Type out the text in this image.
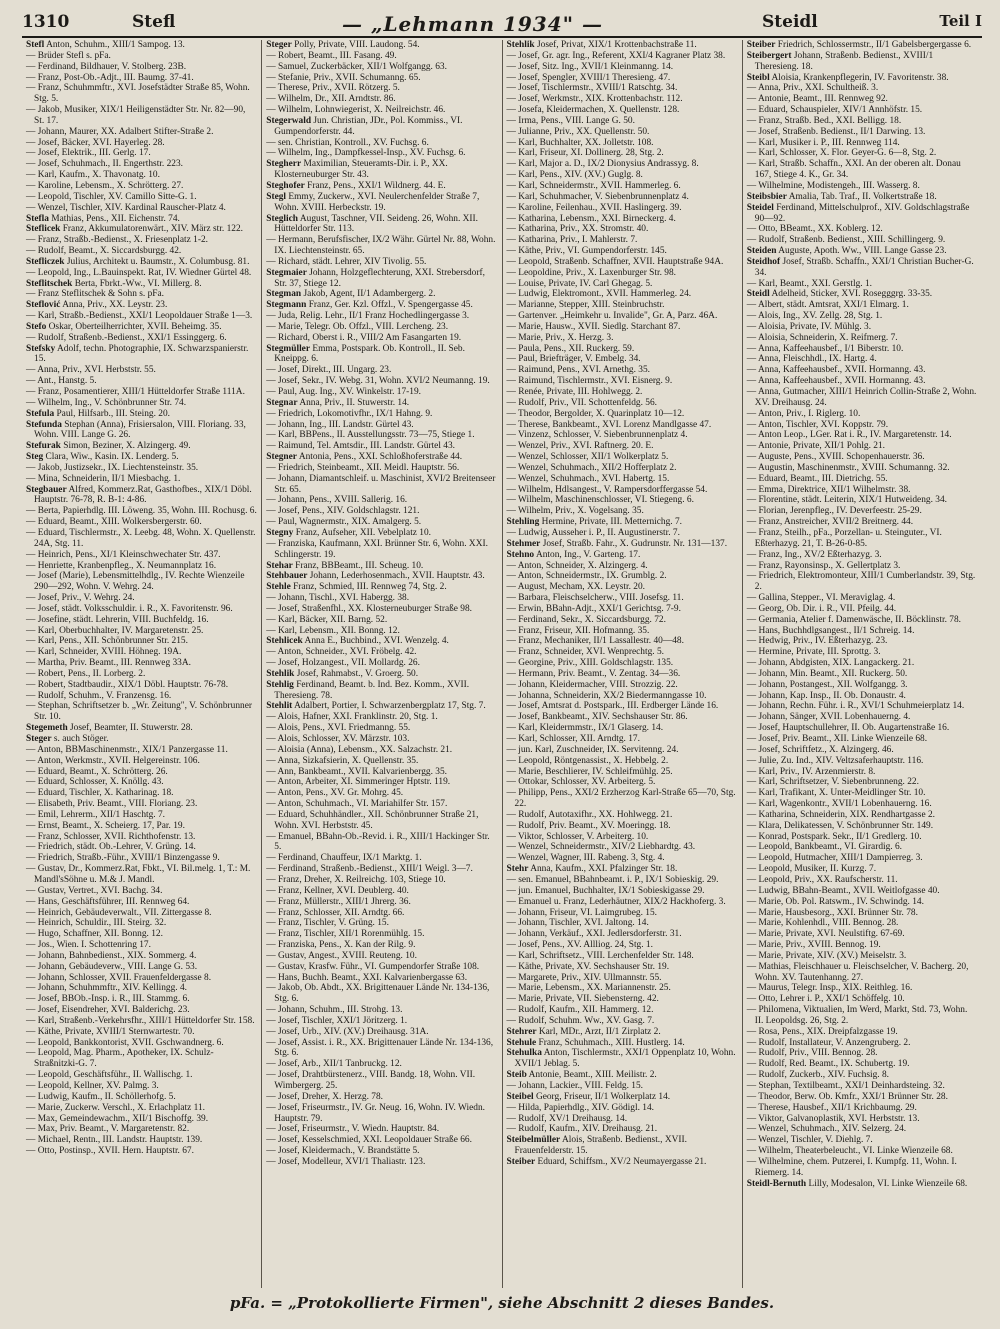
1310	Stefl	— „Lehmann 1934" —	Steidl	Teil I

Stefl Anton, Schuhm., XIII/1 Sampog. 13.

— Brüder Stefl s. pFa.

— Ferdinand, Bildhauer, V. Stolberg. 23B.

— Franz, Post-Ob.-Adjt., III. Baumg. 37-41.

— Franz, Schuhmmftr., XVI. Josefstädter Straße 85, Wohn. Stg. 5.

— Jakob, Musiker, XIX/1 Heiligenstädter Str. Nr. 82—90, St. 17.

— Johann, Maurer, XX. Adalbert Stifter-Straße 2.

— Josef, Bäcker, XVI. Hayerleg. 28.

— Josef, Elektrik., III. Gerlg. 17.

— Josef, Schuhmach., II. Engerthstr. 223.

— Karl, Kaufm., X. Thavonatg. 10.

— Karoline, Lebensm., X. Schrötterg. 27.

— Leopold, Tischler, XV. Camillo Sitte-G. 1.

— Wenzel, Tischler, XIV. Kardinal Rauscher-Platz 4.

Stefla Mathias, Pens., XII. Eichenstr. 74.

Steflicek Franz, Akkumulatorenwärt., XIV. März str. 122.

— Franz, Straßb.-Bedienst., X. Friesenplatz 1-2.

— Rudolf, Beamt., X. Siccardsburgg. 42.

Stefliczek Julius, Architekt u. Baumstr., X. Columbusg. 81.

— Leopold, Ing., L.Bauinspekt. Rat, IV. Wiedner Gürtel 48.

Steflitschek Berta, Fbrkt.-Ww., VI. Millerg. 8.

— Franz Steflitschek & Sohn s. pFa.

Steflović Anna, Priv., XX. Leystr. 23.

— Karl, Straßb.-Bedienst., XXI/1 Leopoldauer Straße 1—3.

Stefo Oskar, Oberteilherrichter, XVII. Beheimg. 35.

— Rudolf, Straßenb.-Bedienst., XXI/1 Essinggerg. 6.

Stefsky Adolf, techn. Photographie, IX. Schwarzspanierstr. 15.

— Anna, Priv., XVI. Herbststr. 55.

— Ant., Hanstg. 5.

— Franz, Posamentierer, XIII/1 Hütteldorfer Straße 111A.

— Wilhelm, Ing., V. Schönbrunner Str. 74.

Stefula Paul, Hilfsarb., III. Steing. 20.

Stefunda Stephan (Anna), Frisiersalon, VIII. Floriang. 33, Wohn. VIII. Lange G. 26.

Stefurak Simon, Beziner, X. Alzingerg. 49.

Steg Clara, Wiw., Kasin. IX. Lenderg. 5.

— Jakob, Justizsekr., IX. Liechtensteinstr. 35.

— Mina, Schneiderin, II/1 Miesbachg. 1.

Stegbauer Alfred, Kommerz.Rat, Gasthofbes., XIX/1 Döbl. Hauptstr. 76-78, R. B-1: 4-86.

— Berta, Papierhdlg. III. Löweng. 35, Wohn. III. Rochusg. 6.

— Eduard, Beamt., XIII. Wolkersbergerstr. 60.

— Eduard, Tischlermstr., X. Leebg. 48, Wohn. X. Quellenstr. 24A, Stg. 11.

— Heinrich, Pens., XI/1 Kleinschwechater Str. 437.

— Henriette, Kranbenpfleg., X. Neumannplatz 16.

— Josef (Marie), Lebensmittelhdlg., IV. Rechte Wienzeile 290—292, Wohn. V. Wehrg. 24.

— Josef, Priv., V. Wehrg. 24.

— Josef, städt. Volksschuldir. i. R., X. Favoritenstr. 96.

— Josefine, städt. Lehrerin, VIII. Buchfeldg. 16.

— Karl, Oberbuchhalter, IV. Margaretenstr. 25.

— Karl, Pens., XII. Schönbrunner Str. 215.

— Karl, Schneider, XVIII. Höhneg. 19A.

— Martha, Priv. Beamt., III. Rennweg 33A.

— Robert, Pens., II. Lorberg. 2.

— Robert, Stadtbaudir., XIX/1 Döbl. Hauptstr. 76-78.

— Rudolf, Schuhm., V. Franzensg. 16.

— Stephan, Schriftsetzer b. „Wr. Zeitung", V. Schönbrunner Str. 10.

Stegemeth Josef, Beamter, II. Stuwerstr. 28.

Steger s. auch Stöger.

— Anton, BBMaschinenmstr., XIX/1 Panzergasse 11.

— Anton, Werkmstr., XVII. Helgereinstr. 106.

— Eduard, Beamt., X. Schrötterg. 26.

— Eduard, Schlosser, X. Knöllg. 43.

— Eduard, Tischler, X. Katharinag. 18.

— Elisabeth, Priv. Beamt., VIII. Floriang. 23.

— Emil, Lehrerm., XII/1 Haschtg. 7.

— Ernst, Beamt., X. Scheierg. 17, Par. 19.

— Franz, Schlosser, XVII. Richthofenstr. 13.

— Friedrich, städt. Ob.-Lehrer, V. Grüng. 14.

— Friedrich, Straßb.-Führ., XVIII/1 Binzengasse 9.

— Gustav, Dr., Kommerz.Rat, Fbkt., VI. Bil.melg. 1, T.: M. Mandl'sSöhne u. M.& J. Mandl.

— Gustav, Vertret., XVI. Bachg. 34.

— Hans, Geschäftsführer, III. Rennweg 64.

— Heinrich, Gebäudeverwalt., VII. Zittergasse 8.

— Heinrich, Schuldir., III. Steirg. 32.

— Hugo, Schaffner, XII. Bonng. 12.

— Jos., Wien. I. Schottenring 17.

— Johann, Bahnbedienst., XIX. Sommerg. 4.

— Johann, Gebäudeverw., VIII. Lange G. 53.

— Johann, Schlosser, XVII. Frauenfeldergasse 8.

— Johann, Schuhmmftr., XIV. Kellingg. 4.

— Josef, BBOb.-Insp. i. R., III. Stammg. 6.

— Josef, Eisendreher, XVI. Balderichg. 23.

— Karl, Straßenb.-Verkehrsfhr., XIII/1 Hütteldorfer Str. 158.

— Käthe, Private, XVIII/1 Sternwartestr. 70.

— Leopold, Bankkontorist, XVII. Gschwandnerg. 6.

— Leopold, Mag. Pharm., Apotheker, IX. Schulz-Straßnitzki-G. 7.

— Leopold, Geschäftsführ., II. Wallischg. 1.

— Leopold, Kellner, XV. Palmg. 3.

— Ludwig, Kaufm., II. Schöllerhofg. 5.

— Marie, Zuckerw. Verschl., X. Erlachplatz 11.

— Max, Gemeindewachm., XII/1 Bischoffg. 39.

— Max, Priv. Beamt., V. Margaretenstr. 82.

— Michael, Rentn., III. Landstr. Hauptstr. 139.

— Otto, Postinsp., XVII. Hern. Hauptstr. 67.

Steger Polly, Private, VIII. Laudong. 54.

— Robert, Beamt., III. Fasang. 49.

— Samuel, Zuckerbäcker, XII/1 Wolfgangg. 63.

— Stefanie, Priv., XVII. Schumanng. 65.

— Therese, Priv., XVII. Rötzerg. 5.

— Wilhelm, Dr., XII. Arndtstr. 86.

— Wilhelm, Lohnwiegerist, X. Neilreichstr. 46.

Stegerwald Jun. Christian, JDr., Pol. Kommiss., VI. Gumpendorferstr. 44.

— sen. Christian, Kontroll., XV. Fuchsg. 6.

— Wilhelm, Ing., Dampfkessel-Insp., XV. Fuchsg. 6.

Stegherr Maximilian, Steueramts-Dir. i. P., XX. Klosterneuburger Str. 43.

Steghofer Franz, Pens., XXI/1 Wildnerg. 44. E.

Stegl Emmy, Zuckerw., XVI. Neulerchenfelder Straße 7, Wohn. XVIII. Herbeckstr. 19.

Steglich August, Taschner, VII. Seideng. 26, Wohn. XII. Hütteldorfer Str. 113.

— Hermann, Berufsfischer, IX/2 Währ. Gürtel Nr. 88, Wohn. IX. Liechtensteinstr. 65.

— Richard, städt. Lehrer, XIV Tivolig. 55.

Stegmaier Johann, Holzgeflechterung, XXI. Strebersdorf, Str. 37, Stiege 12.

Stegman Jakob, Agent, II/1 Adambergerg. 2.

Stegmann Franz, Ger. Kzl. Offzl., V. Spengergasse 45.

— Juda, Relig. Lehr., II/1 Franz Hochedlingergasse 3.

— Marie, Telegr. Ob. Offzl., VIII. Lercheng. 23.

— Richard, Oberst i. R., VIII/2 Am Fasangarten 19.

Stegmüller Emma, Postspark. Ob. Kontroll., II. Seb. Kneippg. 6.

— Josef, Direkt., III. Ungarg. 23.

— Josef, Sekr., IV. Webg. 31, Wohn. XVI/2 Neumanng. 19.

— Paul, Aug. Ing., XV. Winkelstr. 17-19.

Stegnar Anna, Priv., II. Stuwerstr. 14.

— Friedrich, Lokomotivfhr., IX/1 Hahng. 9.

— Johann, Ing., III. Landstr. Gürtel 43.

— Karl, BBPens., II. Ausstellungsstr. 73—75, Stiege 1.

— Raimund, Tel. Amtsdir., III. Landstr. Gürtel 43.

Stegner Antonia, Pens., XXI. Schloßhoferstraße 44.

— Friedrich, Steinbeamt., XII. Meidl. Hauptstr. 56.

— Johann, Diamantschleif. u. Maschinist, XVI/2 Breitenseer Str. 65.

— Johann, Pens., XVIII. Sallerig. 16.

— Josef, Pens., XIV. Goldschlagstr. 121.

— Paul, Wagnermstr., XIX. Amalgerg. 5.

Stegny Franz, Aufseher, XII. Vebelplatz 10.

— Franziska, Kaufmann, XXI. Brünner Str. 6, Wohn. XXI. Schlingerstr. 19.

Stehar Franz, BBBeamt., III. Scheug. 10.

Stehbauer Johann, Lederhosenmach., XVII. Hauptstr. 43.

Stehle Franz, Schmied, III. Rennweg 74, Stg. 2.

— Johann, Tischl., XVI. Habergg. 38.

— Josef, Straßenfhl., XX. Klosterneuburger Straße 98.

— Karl, Bäcker, XII. Barng. 52.

— Karl, Lebensm., XII. Bonng. 12.

Stehlicek Anna E., Buchbind., XVI. Wenzelg. 4.

— Anton, Schneider., XVI. Fröbelg. 42.

— Josef, Holzangest., VII. Mollardg. 26.

Stehlik Josef, Rahmabst., V. Groerg. 50.

Stehlig Ferdinand, Beamt. b. Ind. Bez. Komm., XVII. Theresieng. 78.

Stehlit Adalbert, Portier, I. Schwarzenbergplatz 17, Stg. 7.

— Alois, Hafner, XXI. Franklinstr. 20, Stg. 1.

— Alois, Pens., XVI. Friedmanng. 55.

— Alois, Schlosser, XV. Märzstr. 103.

— Aloisia (Anna), Lebensm., XX. Salzachstr. 21.

— Anna, Sizkafsierin, X. Quellenstr. 35.

— Ann, Bankbeamt., XVII. Kalvarienbergg. 35.

— Anton, Arbeiter, XI. Simmeringer Hptstr. 119.

— Anton, Pens., XV. Gr. Mohrg. 45.

— Anton, Schuhmach., VI. Mariahilfer Str. 157.

— Eduard, Schuhhändler., XII. Schönbrunner Straße 21, Wohn. XVI. Herbststr. 45.

— Emanuel, BBahn-Ob.-Revid. i. R., XIII/1 Hackinger Str. 5.

— Ferdinand, Chauffeur, IX/1 Marktg. 1.

— Ferdinand, Straßenb.-Bedienst., XIII/1 Weigl. 3—7.

— Franz, Dreher, X. Reilreichg. 103, Stiege 10.

— Franz, Kellner, XVI. Deublerg. 40.

— Franz, Müllerstr., XIII/1 Jhrerg. 36.

— Franz, Schlosser, XII. Arndtg. 66.

— Franz, Tischler, V. Grüng. 15.

— Franz, Tischler, XII/1 Rorenmühlg. 15.

— Franziska, Pens., X. Kan der Rilg. 9.

— Gustav, Angest., XVIII. Reuteng. 10.

— Gustav, Krasfw. Führ., VI. Gumpendorfer Straße 108.

— Hans, Buchh. Beamt., XXI. Kalvarienbergasse 63.

— Jakob, Ob. Abdt., XX. Brigittenauer Lände Nr. 134-136, Stg. 6.

— Johann, Schuhm., III. Strohg. 13.

— Josef, Tischler, XXI/1 Jöritzerg. 1.

— Josef, Urb., XIV. (XV.) Dreihausg. 31A.

— Josef, Assist. i. R., XX. Brigittenauer Lände Nr. 134-136, Stg. 6.

— Josef, Arb., XII/1 Tanbruckg. 12.

— Josef, Drahtbürstenerz., VIII. Bandg. 18, Wohn. VII. Wimbergerg. 25.

— Josef, Dreher, X. Herzg. 78.

— Josef, Friseurmstr., IV. Gr. Neug. 16, Wohn. IV. Wiedn. Hauptstr. 79.

— Josef, Friseurmstr., V. Wiedn. Hauptstr. 84.

— Josef, Kesselschmied, XXI. Leopoldauer Straße 66.

— Josef, Kleidermach., V. Brandstätte 5.

— Josef, Modelleur, XVI/1 Thaliastr. 123.

Stehlik Josef, Privat, XIX/1 Krottenbachstraße 11.

— Josef, Gr. agr. Ing., Referent, XXI/4 Kagraner Platz 38.

— Josef, Sitz. Ing., XVII/1 Kleinmanng. 14.

— Josef, Spengler, XVIII/1 Theresieng. 47.

— Josef, Tischlermstr., XVIII/1 Ratschtg. 34.

— Josef, Werkmstr., XIX. Krottenbachstr. 112.

— Josefa, Kleidermachen, X. Quellenstr. 128.

— Irma, Pens., VIII. Lange G. 50.

— Julianne, Priv., XX. Quellenstr. 50.

— Karl, Buchhalter, XX. Jolletstr. 108.

— Karl, Friseur, XI. Dollinerg. 28, Stg. 2.

— Karl, Major a. D., IX/2 Dionysius Andrassyg. 8.

— Karl, Pens., XIV. (XV.) Guglg. 8.

— Karl, Schneidermstr., XVII. Hammerleg. 6.

— Karl, Schuhmacher, V. Siebenbrunnenplatz 4.

— Karoline, Feilenhau., XVII. Haslingerg. 39.

— Katharina, Lebensm., XXI. Birneckerg. 4.

— Katharina, Priv., XX. Stromstr. 40.

— Katharina, Priv., I. Mahlerstr. 7.

— Käthe, Priv., VI. Gumpendorferstr. 145.

— Leopold, Straßenb. Schaffner, XVII. Hauptstraße 94A.

— Leopoldine, Priv., X. Laxenburger Str. 98.

— Louise, Private, IV. Carl Ghegag. 5.

— Ludwig, Elektromont., XVII. Hammerleg. 24.

— Marianne, Stepper, XIII. Steinbruchstr.

— Gartenver. „Heimkehr u. Invalide", Gr. A, Parz. 46A.

— Marie, Hausw., XVII. Siedlg. Starchant 87.

— Marie, Priv., X. Herzg. 3.

— Paula, Pens., XII. Ruckerg. 59.

— Paul, Briefträger, V. Embelg. 34.

— Raimund, Pens., XVI. Arnethg. 35.

— Raimund, Tischlermstr., XVI. Eisnerg. 9.

— Renée, Private, III. Hohlwegg. 2.

— Rudolf, Priv., VII. Schottenfeldg. 56.

— Theodor, Bergolder, X. Quarinplatz 10—12.

— Therese, Bankbeamt., XVI. Lorenz Mandlgasse 47.

— Vinzenz, Schlosser, V. Siebenbrunnenplatz 4.

— Wenzel, Priv., XVI. Raftnerg. 20. E.

— Wenzel, Schlosser, XII/1 Wolkerplatz 5.

— Wenzel, Schuhmach., XII/2 Hofferplatz 2.

— Wenzel, Schuhmach., XVI. Habertg. 15.

— Wilhelm, Hdlsangest., V. Rampersdorffergasse 54.

— Wilhelm, Maschinenschlosser, VI. Stiegeng. 6.

— Wilhelm, Priv., X. Vogelsang. 35.

Stehling Hermine, Private, III. Metternichg. 7.

— Ludwig, Ausseher i. P., II. Augustinerstr. 7.

Stehmer Josef, Straßb. Fahr., X. Gudrunstr. Nr. 131—137.

Stehno Anton, Ing., V. Garteng. 17.

— Anton, Schneider, X. Alzingerg. 4.

— Anton, Schneidermstr., IX. Grumblg. 2.

— August, Mecham, XX. Leystr. 20.

— Barbara, Fleischselcherw., VIII. Josefsg. 11.

— Erwin, BBahn-Adjt., XXI/1 Gerichtsg. 7-9.

— Ferdinand, Sekr., X. Siccardsburgg. 72.

— Franz, Friseur, XII. Hofmanng. 35.

— Franz, Mechaniker, II/1 Lassallestr. 40—48.

— Franz, Schneider, XVI. Wenprechtg. 5.

— Georgine, Priv., XIII. Goldschlagstr. 135.

— Hermann, Priv. Beamt., V. Zentag. 34—36.

— Johann, Kleidermacher, VIII. Strozzig. 22.

— Johanna, Schneiderin, XX/2 Biedermanngasse 10.

— Josef, Amtsrat d. Postspark., III. Erdberger Lände 16.

— Josef, Bankbeamt., XIV. Sechshauser Str. 86.

— Karl, Kleidermmstr., IX/1 Glaserg. 14.

— Karl, Schlosser, XII. Arndtg. 17.

— jun. Karl, Zuschneider, IX. Servitenng. 24.

— Leopold, Röntgenassist., X. Hebbelg. 2.

— Marie, Beschlierer, IV. Schleifmühlg. 25.

— Ottokar, Schlosser, XV. Arbeiterg. 5.

— Philipp, Pens., XXI/2 Erzherzog Karl-Straße 65—70, Stg. 22.

— Rudolf, Autotaxifhr., XX. Hohlwegg. 21.

— Rudolf, Priv. Beamt., XV. Moeringg. 18.

— Viktor, Schlosser, V. Arbeiterg. 10.

— Wenzel, Schneidermstr., XIV/2 Liebhardtg. 43.

— Wenzel, Wagner, III. Rabeng. 3, Stg. 4.

Stehr Anna, Kaufm., XXI. Pfalzinger Str. 18.

— sen. Emanuel, BBahnbeamt. i. P., IX/1 Sobieskig. 29.

— jun. Emanuel, Buchhalter, IX/1 Sobieskigasse 29.

— Emanuel u. Franz, Lederhäutner, XIX/2 Hackhoferg. 3.

— Johann, Friseur, VI. Laimgrubeg. 15.

— Johann, Tischler, XVI. Jaltong. 14.

— Johann, Verkäuf., XXI. Jedlersdorferstr. 31.

— Josef, Pens., XV. Allliog. 24, Stg. 1.

— Karl, Schriftsetz., VIII. Lerchenfelder Str. 148.

— Käthe, Private, XV. Sechshauser Str. 19.

— Margarete, Priv., XIV. Ullmannstr. 55.

— Marie, Lebensm., XX. Mariannenstr. 25.

— Marie, Private, VII. Siebensterng. 42.

— Rudolf, Kaufm., XII. Hammerg. 12.

— Rudolf, Schuhm. Ww., XV. Gasg. 7.

Stehrer Karl, MDr., Arzt, II/1 Zirplatz 2.

Stehule Franz, Schuhmach., XIII. Hustlerg. 14.

Stehulka Anton, Tischlermstr., XXI/1 Oppenplatz 10, Wohn. XVII/1 Jeblag. 5.

Steib Antonie, Beamt., XIII. Meilistr. 2.

— Johann, Lackier., VIII. Feldg. 15.

Steibel Georg, Friseur, II/1 Wolkerplatz 14.

— Hilda, Papierhdlg., XIV. Gödigl. 14.

— Rudolf, XV/1 Dreihausg. 14.

— Rudolf, Kaufm., XIV. Dreihausg. 21.

Steibelmüller Alois, Straßenb. Bedienst., XVII. Frauenfelderstr. 15.

Steiber Eduard, Schiffsm., XV/2 Neumayergasse 21.

Steiber Friedrich, Schlossermstr., II/1 Gabelsbergergasse 6.

Steibergert Johann, Straßenb. Bedienst., XVIII/1 Theresieng. 18.

Steibl Aloisia, Krankenpflegerin, IV. Favoritenstr. 38.

— Anna, Priv., XXI. Schultheiß. 3.

— Antonie, Beamt., III. Rennweg 92.

— Eduard, Schauspieler, XIV/1 Annhöfstr. 15.

— Franz, Straßb. Bed., XXI. Belligg. 18.

— Josef, Straßenb. Bedienst., II/1 Darwing. 13.

— Karl, Musiker i. P., III. Rennweg 114.

— Karl, Schlosser, X. Flor. Geyer-G. 6—8, Stg. 2.

— Karl, Straßb. Schaffn., XXI. An der oberen alt. Donau 167, Stiege 4. K., Gr. 34.

— Wilhelmine, Modistengeh., III. Wasserg. 8.

Steibsbier Amalia, Tab. Traf., II. Volkertstraße 18.

Steidel Ferdinand, Mittelschulprof., XIV. Goldschlagstraße 90—92.

— Otto, BBeamt., XX. Koblerg. 12.

— Rudolf, Straßenb. Bedienst., XIII. Schillingerg. 9.

Steiden Auguste, Apoth. Ww., VIII. Lange Gasse 23.

Steidhof Josef, Straßb. Schaffn., XXI/1 Christian Bucher-G. 34.

— Karl, Beamt., XXI. Gerstlg. 1.

Steidl Adelheid, Sticker, XVI. Rosegggrg. 33-35.

— Albert, städt. Amtsrat, XXI/1 Elmarg. 1.

— Alois, Ing., XV. Zellg. 28, Stg. 1.

— Aloisia, Private, IV. Mühlg. 3.

— Aloisia, Schneiderin, X. Reifmerg. 7.

— Anna, Kaffeehausbef., I/1 Biberstr. 10.

— Anna, Fleischhdl., IX. Hartg. 4.

— Anna, Kaffeehausbef., XVII. Hormanng. 43.

— Anna, Kaffeehausbef., XVII. Hormanng. 43.

— Anna, Gutmacher, XIII/1 Heinrich Collin-Straße 2, Wohn. XV. Dreihausg. 24.

— Anton, Priv., I. Riglerg. 10.

— Anton, Tischler, XVI. Koppstr. 79.

— Anton Leop., LGer. Rat i. R., IV. Margaretenstr. 14.

— Antonie, Private, XII/1 Pohlg. 21.

— Auguste, Pens., XVIII. Schopenhauerstr. 36.

— Augustin, Maschinenmstr., XVIII. Schumanng. 32.

— Eduard, Beamt., III. Dietrichg. 55.

— Emma, Direktrice, XII/1 Wilhelmstr. 38.

— Florentine, städt. Leiterin, XIX/1 Hutweideng. 34.

— Florian, Jerenpfleg., IV. Deverfeestr. 25-29.

— Franz, Anstreicher, XVII/2 Breitnerg. 44.

— Franz, Steilh., pFa., Porzellan- u. Steinguter., VI. Eßterhazyg. 21, T. B-26-0-85.

— Franz, Ing., XV/2 Eßterhazyg. 3.

— Franz, Rayonsinsp., X. Gellertplatz 3.

— Friedrich, Elektromonteur, XIII/1 Cumberlandstr. 39, Stg. 2.

— Gallina, Stepper., VI. Meraviglag. 4.

— Georg, Ob. Dir. i. R., VII. Pfeilg. 44.

— Germania, Atelier f. Damenwäsche, II. Böcklinstr. 78.

— Hans, Buchhdlgsangest., II/1 Schreig. 14.

— Hedwig, Priv., IV. Eßterhazyg. 23.

— Hermine, Private, III. Sprottg. 3.

— Johann, Abdgisten, XIX. Langackerg. 21.

— Johann, Min. Beamt., XII. Ruckerg. 50.

— Johann, Postangest., XII. Wolfgangg. 3.

— Johann, Kap. Insp., II. Ob. Donaustr. 4.

— Johann, Rechn. Führ. i. R., XVI/1 Schuhmeierplatz 14.

— Johann, Sänger, XVII. Lobenhauerng. 4.

— Josef, Hauptschullehrer, II. Ob. Augartenstraße 16.

— Josef, Priv. Beamt., XII. Linke Wienzeile 68.

— Josef, Schriftfetz., X. Alzingerg. 46.

— Julie, Zu. Ind., XIV. Veltzsaferhauptstr. 116.

— Karl, Priv., IV. Arzenmierstr. 8.

— Karl, Schriftsetzer, V. Siebenbrunneng. 22.

— Karl, Trafikant, X. Unter-Meidlinger Str. 10.

— Karl, Wagenkontr., XVII/1 Lobenhauerng. 16.

— Katharina, Schneiderin, XIX. Rendhartgasse 2.

— Klara, Delikatessen, V. Schönbrunner Str. 149.

— Konrad, Postspark. Sekr., II/1 Gredlerg. 10.

— Leopold, Bankbeamt., VI. Girardig. 6.

— Leopold, Hutmacher, XIII/1 Dampierreg. 3.

— Leopold, Musiker, II. Kurzg. 7.

— Leopold, Priv., XX. Raufscherstr. 11.

— Ludwig, BBahn-Beamt., XVII. Weitlofgasse 40.

— Marie, Ob. Pol. Ratswm., IV. Schwindg. 14.

— Marie, Hausbesorg., XXI. Brünner Str. 78.

— Marie, Kohlenhdl., VIII. Bennog. 28.

— Marie, Private, XVI. Neulstiftg. 67-69.

— Marie, Priv., XVIII. Bennog. 19.

— Marie, Private, XIV. (XV.) Meiselstr. 3.

— Mathias, Fleischhauer u. Fleischselcher, V. Bacherg. 20, Wohn. XV. Tautenhanng. 27.

— Maurus, Telegr. Insp., XIX. Reithleg. 16.

— Otto, Lehrer i. P., XXI/1 Schöffelg. 10.

— Philomena, Viktualien, Im Werd, Markt, Std. 73, Wohn. II. Leopoldsg. 26, Stg. 2.

— Rosa, Pens., XIX. Dreipfalzgasse 19.

— Rudolf, Installateur, V. Anzengruberg. 2.

— Rudolf, Priv., VIII. Bennog. 28.

— Rudolf, Red. Beamt., IX. Schubertg. 19.

— Rudolf, Zuckerb., XIV. Fuchsig. 8.

— Stephan, Textilbeamt., XXI/1 Deinhardsteing. 32.

— Theodor, Berw. Ob. Kmfr., XXI/1 Brünner Str. 28.

— Therese, Hausbef., XII/1 Krichbaumg. 29.

— Viktor, Galvanoplastik, XVI. Herbststr. 13.

— Wenzel, Schuhmach., XIV. Selzerg. 24.

— Wenzel, Tischler, V. Diehlg. 7.

— Wilhelm, Theaterbeleucht., VI. Linke Wienzeile 68.

— Wilhelmine, chem. Putzerei, I. Kumpfg. 11, Wohn. I. Riemerg. 14.

Steidl-Bernuth Lilly, Modesalon, VI. Linke Wienzeile 68.

pFa. = „Protokollierte Firmen", siehe Abschnitt 2 dieses Bandes.
